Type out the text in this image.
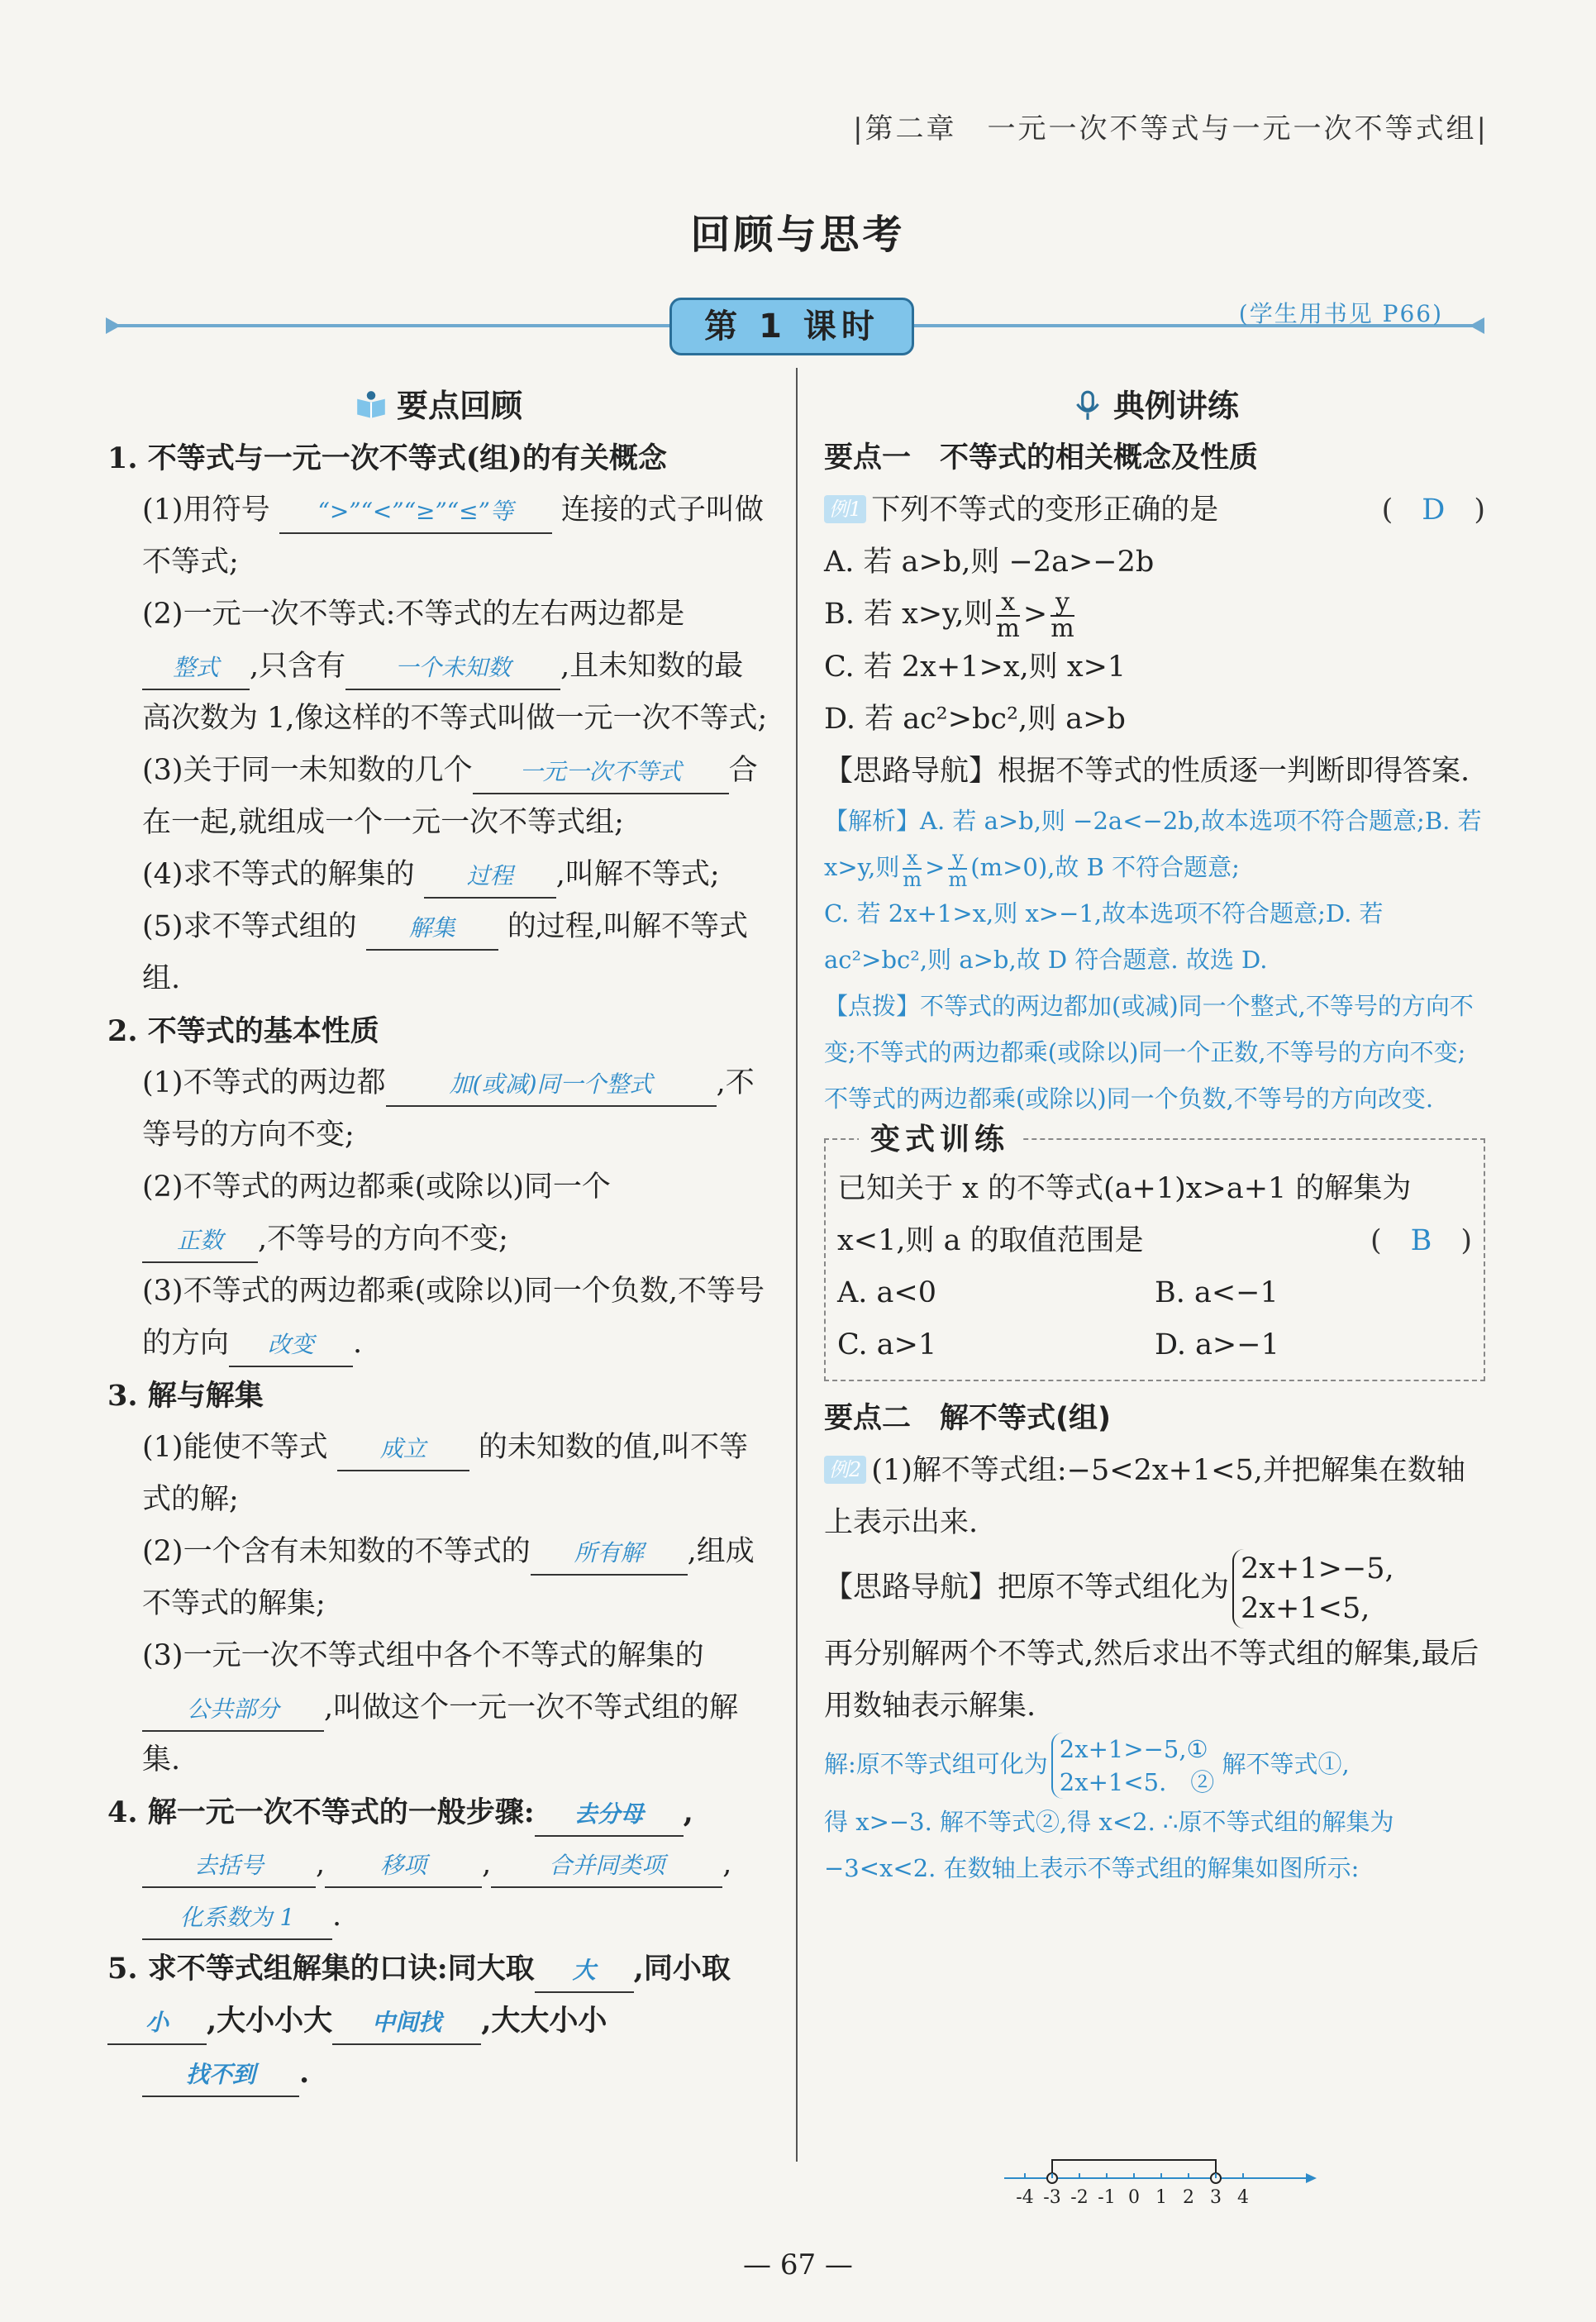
|第二章　一元一次不等式与一元一次不等式组|
回顾与思考
第 1 课时	(学生用书见 P66)
要点回顾

1. 不等式与一元一次不等式(组)的有关概念

(1)用符号 “>”“<”“≥”“≤”等 连接的式子叫做不等式;

(2)一元一次不等式:不等式的左右两边都是整式 ,只含有 一个未知数 ,且未知数的最高次数为 1,像这样的不等式叫做一元一次不等式;

(3)关于同一未知数的几个 一元一次不等式 合在一起,就组成一个一元一次不等式组;

(4)求不等式的解集的 过程 ,叫解不等式;

(5)求不等式组的 解集 的过程,叫解不等式组.

2. 不等式的基本性质

(1)不等式的两边都	加(或减)同一个整式 ,不等号的方向不变;

(2)不等式的两边都乘(或除以)同一个
正数 ,不等号的方向不变;

(3)不等式的两边都乘(或除以)同一个负数,不等号的方向 改变 .

3. 解与解集

(1)能使不等式 成立 的未知数的值,叫不等式的解;

(2)一个含有未知数的不等式的 所有解 ,组成不等式的解集;

(3)一元一次不等式组中各个不等式的解集的公共部分 ,叫做这个一元一次不等式组的解集.

4. 解一元一次不等式的一般步骤: 去分母 ,

去括号 , 移项 , 合并同类项 ,

化系数为 1 .

5. 求不等式组解集的口诀:同大取 大 ,同小取小 ,大小小大 中间找 ,大大小小
找不到 .

典例讲练

要点一　不等式的相关概念及性质

例1 下列不等式的变形正确的是	(　D　)

A. 若 a>b,则 −2a>−2b

B. 若 x>y,则 $\frac{x}{m} > \frac{y}{m}$

C. 若 2x+1>x,则 x>1

D. 若 ac²>bc²,则 a>b

【思路导航】根据不等式的性质逐一判断即得答案.

【解析】A. 若 a>b,则 −2a<−2b,故本选项不符合题意;B. 若 x>y,则 $\frac{x}{m} > \frac{y}{m} (m>0)$,故 B 不符合题意;
C. 若 2x+1>x,则 x>−1,故本选项不符合题意;D. 若ac²>bc²,则 a>b,故 D 符合题意. 故选 D.

【点拨】不等式的两边都加(或减)同一个整式,不等号的方向不变;不等式的两边都乘(或除以)同一个正数,不等号的方向不变;不等式的两边都乘(或除以)同一个负数,不等号的方向改变.

变式训练

已知关于 x 的不等式(a+1)x>a+1 的解集为x<1,则 a 的取值范围是	(　B　)

A. a<0	B. a<−1
C. a>1	D. a>−1

要点二　解不等式(组)

例2 (1)解不等式组:−5<2x+1<5,并把解集在数轴上表示出来.

【思路导航】把原不等式组化为2x+1>−5,
2x+1<5,

再分别解两个不等式,然后求出不等式组的解集,最后用数轴表示解集.

解:原不等式组可化为2x+1>−5,①
2x+1<5.　② 解不等式①,
得 x>−3. 解不等式②,得 x<2. ∴原不等式组的解集为−3<x<2. 在数轴上表示不等式组的解集如图所示:

-4 -3 -2 -1 0 1 2 3 4
— 67 —
